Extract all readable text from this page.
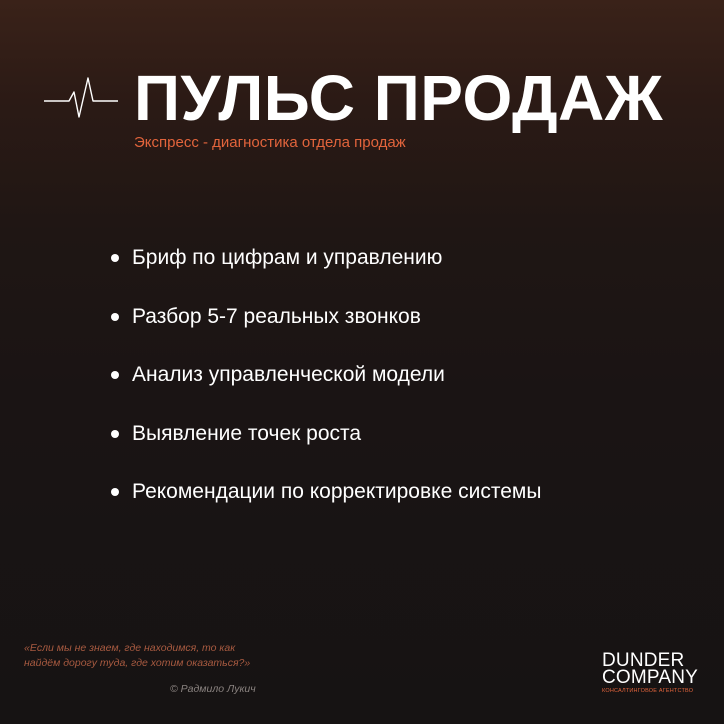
ПУЛЬС ПРОДАЖ
Экспресс - диагностика отдела продаж
Бриф по цифрам и управлению
Разбор 5-7 реальных звонков
Анализ управленческой модели
Выявление точек роста
Рекомендации по корректировке системы
«Если мы не знаем, где находимся, то как
найдём дорогу туда, где хотим оказаться?»
© Радмило Лукич
DUNDER
COMPANY
КОНСАЛТИНГОВОЕ АГЕНТСТВО
